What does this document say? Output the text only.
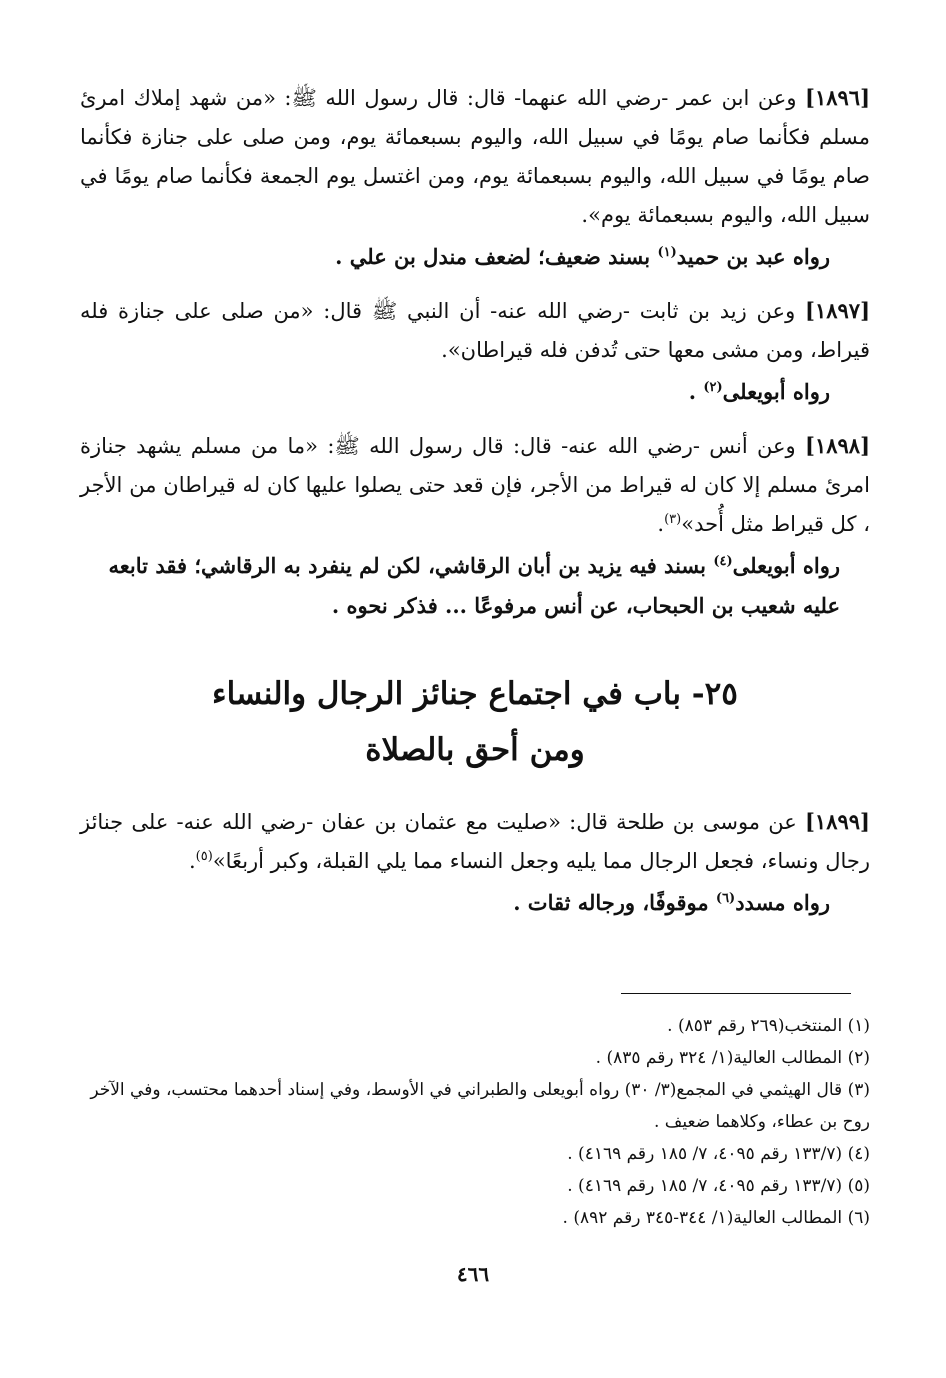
[١٨٩٦] وعن ابن عمر -رضي الله عنهما- قال: قال رسول الله ﷺ: «من شهد إملاك امرئ مسلم فكأنما صام يومًا في سبيل الله، واليوم بسبعمائة يوم، ومن صلى على جنازة فكأنما صام يومًا في سبيل الله، واليوم بسبعمائة يوم، ومن اغتسل يوم الجمعة فكأنما صام يومًا في سبيل الله، واليوم بسبعمائة يوم».

رواه عبد بن حميد$^{(١)}$ بسند ضعيف؛ لضعف مندل بن علي .

[١٨٩٧] وعن زيد بن ثابت -رضي الله عنه- أن النبي ﷺ قال: «من صلى على جنازة فله قيراط، ومن مشى معها حتى تُدفن فله قيراطان».

رواه أبويعلى$^{(٢)}$ .

[١٨٩٨] وعن أنس -رضي الله عنه- قال: قال رسول الله ﷺ: «ما من مسلم يشهد جنازة امرئ مسلم إلا كان له قيراط من الأجر، فإن قعد حتى يصلوا عليها كان له قيراطان من الأجر ، كل قيراط مثل أُحد»$^{(٣)}$.

رواه أبويعلى$^{(٤)}$ بسند فيه يزيد بن أبان الرقاشي، لكن لم ينفرد به الرقاشي؛ فقد تابعه عليه شعيب بن الحبحاب، عن أنس مرفوعًا ... فذكر نحوه .

٢٥- باب في اجتماع جنائز الرجال والنساء
ومن أحق بالصلاة

[١٨٩٩] عن موسى بن طلحة قال: «صليت مع عثمان بن عفان -رضي الله عنه- على جنائز رجال ونساء، فجعل الرجال مما يليه وجعل النساء مما يلي القبلة، وكبر أربعًا»$^{(٥)}$.

رواه مسدد$^{(٦)}$ موقوفًا، ورجاله ثقات .

(١) المنتخب(٢٦٩ رقم ٨٥٣) .

(٢) المطالب العالية(١/ ٣٢٤ رقم ٨٣٥) .

(٣) قال الهيثمي في المجمع(٣/ ٣٠) رواه أبويعلى والطبراني في الأوسط، وفي إسناد أحدهما محتسب، وفي الآخر روح بن عطاء، وكلاهما ضعيف .

(٤) (١٣٣/٧ رقم ٤٠٩٥، ٧/ ١٨٥ رقم ٤١٦٩) .

(٥) (١٣٣/٧ رقم ٤٠٩٥، ٧/ ١٨٥ رقم ٤١٦٩) .

(٦) المطالب العالية(١/ ٣٤٤-٣٤٥ رقم ٨٩٢) .

٤٦٦
